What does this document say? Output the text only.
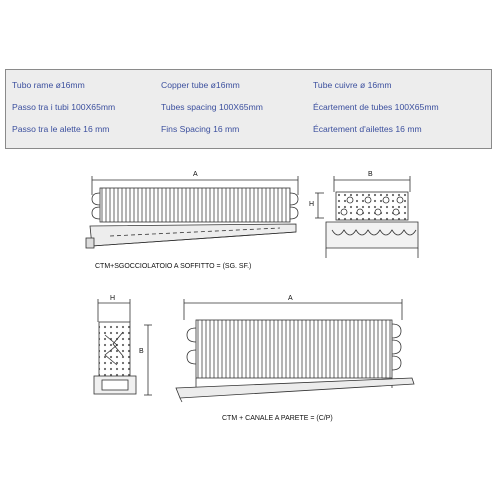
Tubo rame ø16mm	Copper tube ø16mm	Tube cuivre ø 16mm
Passo tra i tubi 100X65mm	Tubes spacing 100X65mm	Écartement de tubes 100X65mm
Passo tra le alette 16 mm	Fins Spacing 16 mm	Écartement d'ailettes 16 mm
A	B
H
CTM+SGOCCIOLATOIO A SOFFITTO = (SG. SF.)
H
B
A
CTM + CANALE A PARETE = (C/P)
